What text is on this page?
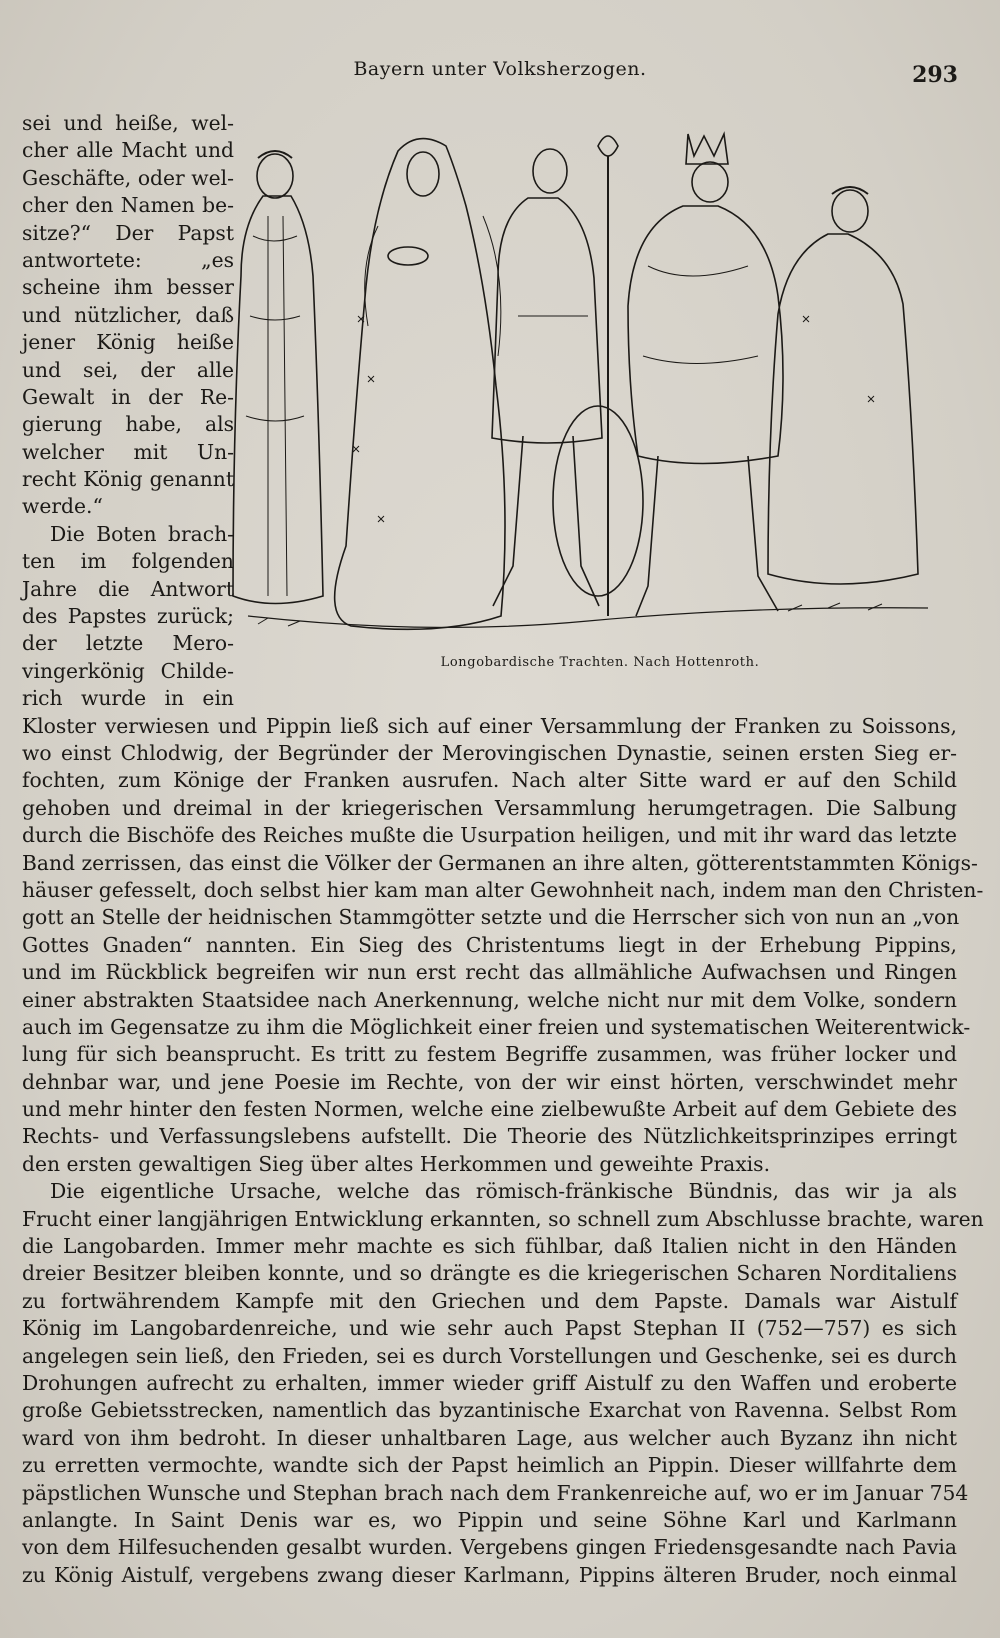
Bayern unter Volksherzogen.	293
Longobardische Trachten. Nach Hottenroth.
sei und heiße, wel-
cher alle Macht und
Geschäfte, oder wel-
cher den Namen be-
sitze?“ Der Papst
antwortete: „es
scheine ihm besser
und nützlicher, daß
jener König heiße
und sei, der alle
Gewalt in der Re-
gierung habe, als
welcher mit Un-
recht König genannt
werde.“
Die Boten brach-
ten im folgenden
Jahre die Antwort
des Papstes zurück;
der letzte Mero-
vingerkönig Childe-
rich wurde in ein
Kloster verwiesen und Pippin ließ sich auf einer Versammlung der Franken zu Soissons,
wo einst Chlodwig, der Begründer der Merovingischen Dynastie, seinen ersten Sieg er-
fochten, zum Könige der Franken ausrufen. Nach alter Sitte ward er auf den Schild
gehoben und dreimal in der kriegerischen Versammlung herumgetragen. Die Salbung
durch die Bischöfe des Reiches mußte die Usurpation heiligen, und mit ihr ward das letzte
Band zerrissen, das einst die Völker der Germanen an ihre alten, götterentstammten Königs-
häuser gefesselt, doch selbst hier kam man alter Gewohnheit nach, indem man den Christen-
gott an Stelle der heidnischen Stammgötter setzte und die Herrscher sich von nun an „von
Gottes Gnaden“ nannten. Ein Sieg des Christentums liegt in der Erhebung Pippins,
und im Rückblick begreifen wir nun erst recht das allmähliche Aufwachsen und Ringen
einer abstrakten Staatsidee nach Anerkennung, welche nicht nur mit dem Volke, sondern
auch im Gegensatze zu ihm die Möglichkeit einer freien und systematischen Weiterentwick-
lung für sich beansprucht. Es tritt zu festem Begriffe zusammen, was früher locker und
dehnbar war, und jene Poesie im Rechte, von der wir einst hörten, verschwindet mehr
und mehr hinter den festen Normen, welche eine zielbewußte Arbeit auf dem Gebiete des
Rechts- und Verfassungslebens aufstellt. Die Theorie des Nützlichkeitsprinzipes erringt
den ersten gewaltigen Sieg über altes Herkommen und geweihte Praxis.
Die eigentliche Ursache, welche das römisch-fränkische Bündnis, das wir ja als
Frucht einer langjährigen Entwicklung erkannten, so schnell zum Abschlusse brachte, waren
die Langobarden. Immer mehr machte es sich fühlbar, daß Italien nicht in den Händen
dreier Besitzer bleiben konnte, und so drängte es die kriegerischen Scharen Norditaliens
zu fortwährendem Kampfe mit den Griechen und dem Papste. Damals war Aistulf
König im Langobardenreiche, und wie sehr auch Papst Stephan II (752—757) es sich
angelegen sein ließ, den Frieden, sei es durch Vorstellungen und Geschenke, sei es durch
Drohungen aufrecht zu erhalten, immer wieder griff Aistulf zu den Waffen und eroberte
große Gebietsstrecken, namentlich das byzantinische Exarchat von Ravenna. Selbst Rom
ward von ihm bedroht. In dieser unhaltbaren Lage, aus welcher auch Byzanz ihn nicht
zu erretten vermochte, wandte sich der Papst heimlich an Pippin. Dieser willfahrte dem
päpstlichen Wunsche und Stephan brach nach dem Frankenreiche auf, wo er im Januar 754
anlangte. In Saint Denis war es, wo Pippin und seine Söhne Karl und Karlmann
von dem Hilfesuchenden gesalbt wurden. Vergebens gingen Friedensgesandte nach Pavia
zu König Aistulf, vergebens zwang dieser Karlmann, Pippins älteren Bruder, noch einmal
